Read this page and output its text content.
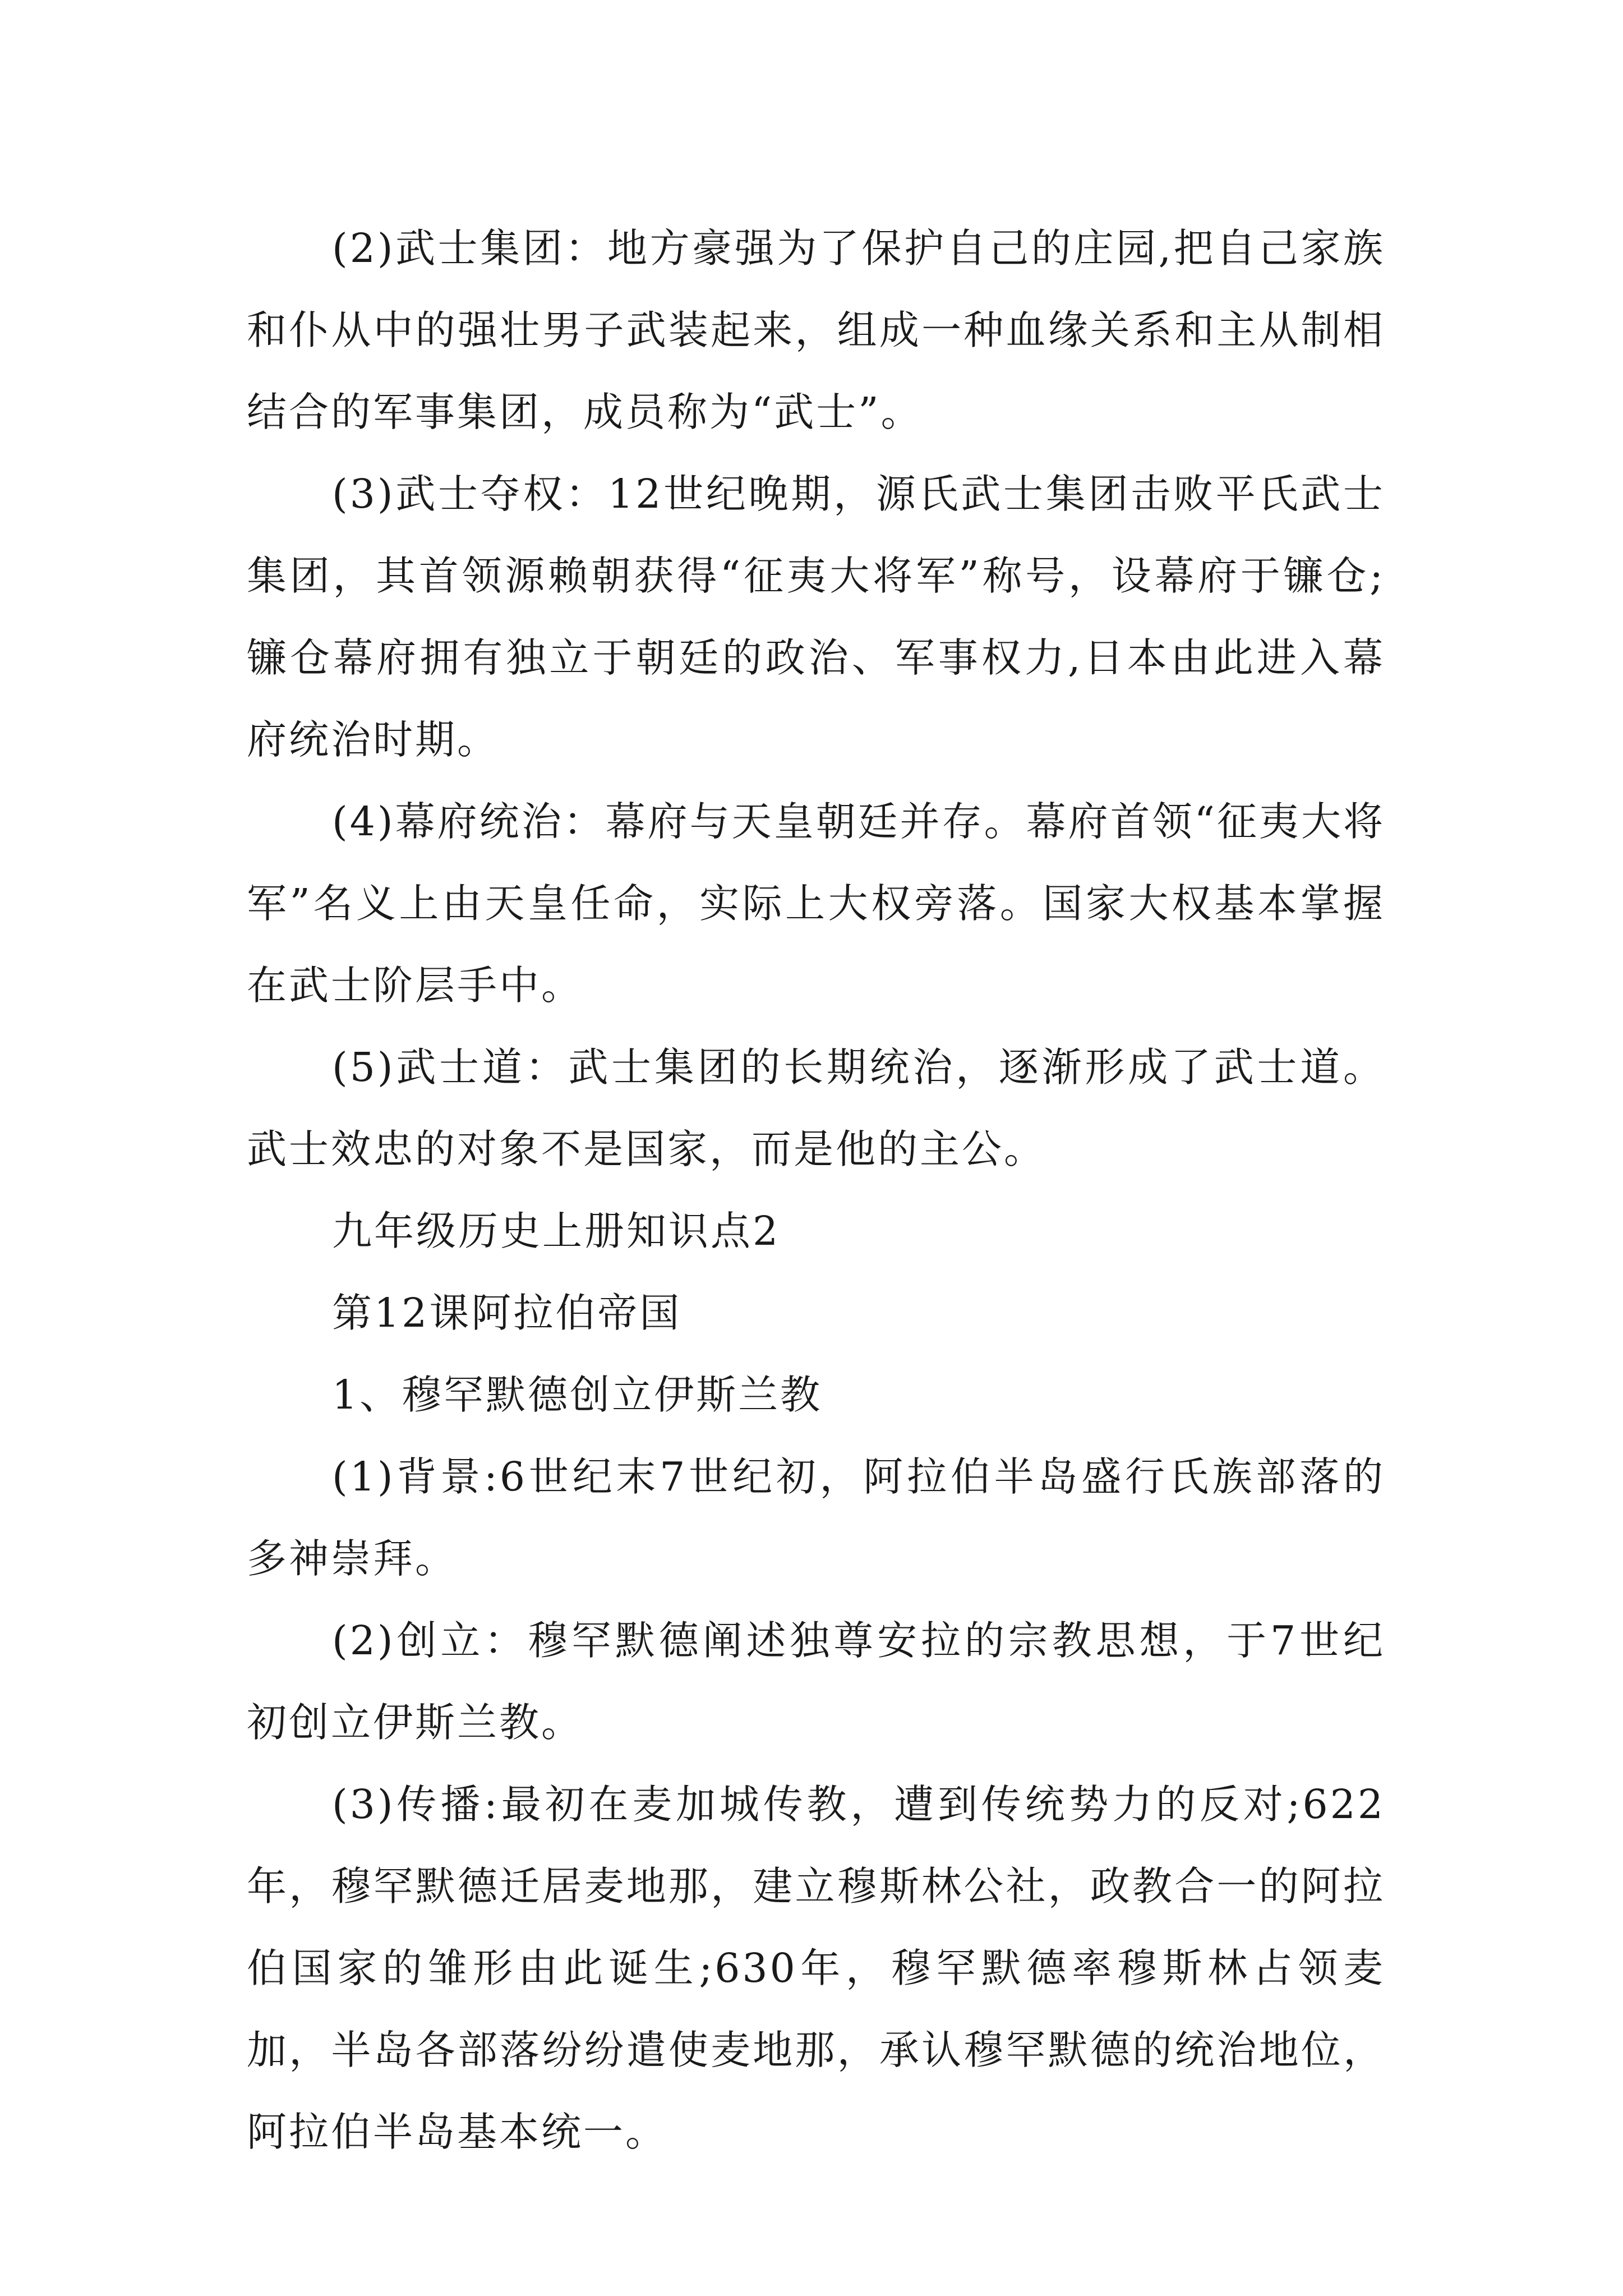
(2)武士集团：地方豪强为了保护自己的庄园,把自己家族和仆从中的强壮男子武装起来，组成一种血缘关系和主从制相结合的军事集团，成员称为“武士”。

(3)武士夺权：12世纪晚期，源氏武士集团击败平氏武士集团，其首领源赖朝获得“征夷大将军”称号，设幕府于镰仓;镰仓幕府拥有独立于朝廷的政治、军事权力,日本由此进入幕府统治时期。

(4)幕府统治：幕府与天皇朝廷并存。幕府首领“征夷大将军”名义上由天皇任命，实际上大权旁落。国家大权基本掌握在武士阶层手中。

(5)武士道：武士集团的长期统治，逐渐形成了武士道。武士效忠的对象不是国家，而是他的主公。

九年级历史上册知识点2

第12课阿拉伯帝国

1、穆罕默德创立伊斯兰教

(1)背景:6世纪末7世纪初，阿拉伯半岛盛行氏族部落的多神崇拜。

(2)创立：穆罕默德阐述独尊安拉的宗教思想，于7世纪初创立伊斯兰教。

(3)传播:最初在麦加城传教，遭到传统势力的反对;622年，穆罕默德迁居麦地那，建立穆斯林公社，政教合一的阿拉伯国家的雏形由此诞生;630年，穆罕默德率穆斯林占领麦加，半岛各部落纷纷遣使麦地那，承认穆罕默德的统治地位，阿拉伯半岛基本统一。
